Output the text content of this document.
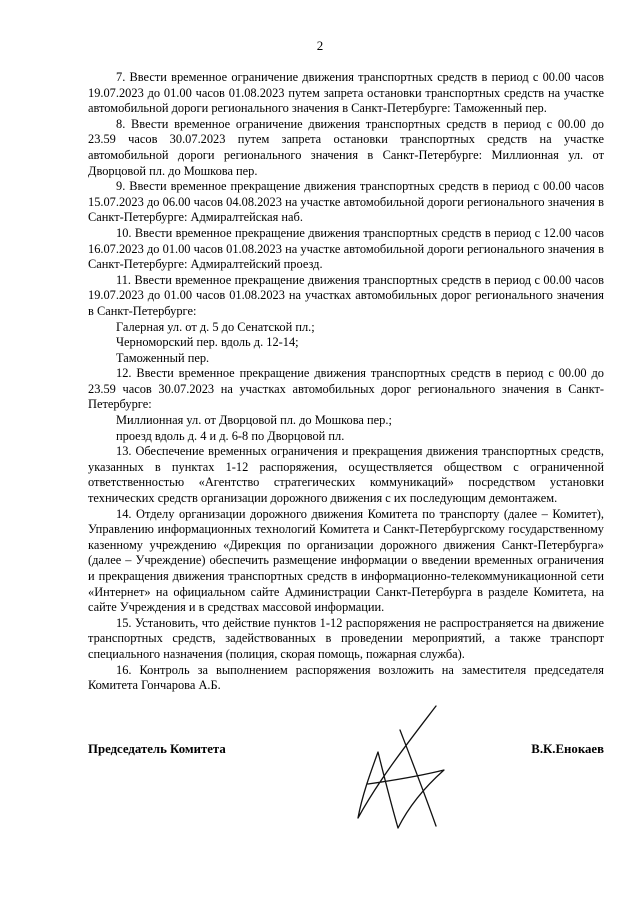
2

7. Ввести временное ограничение движения транспортных средств в период с 00.00 часов 19.07.2023 до 01.00 часов 01.08.2023 путем запрета остановки транспортных средств на участке автомобильной дороги регионального значения в Санкт-Петербурге: Таможенный пер.

8. Ввести временное ограничение движения транспортных средств в период с 00.00 до 23.59 часов 30.07.2023 путем запрета остановки транспортных средств на участке автомобильной дороги регионального значения в Санкт-Петербурге: Миллионная ул. от Дворцовой пл. до Мошкова пер.

9. Ввести временное прекращение движения транспортных средств в период с 00.00 часов 15.07.2023 до 06.00 часов 04.08.2023 на участке автомобильной дороги регионального значения в Санкт-Петербурге: Адмиралтейская наб.

10. Ввести временное прекращение движения транспортных средств в период с 12.00 часов 16.07.2023 до 01.00 часов 01.08.2023 на участке автомобильной дороги регионального значения в Санкт-Петербурге: Адмиралтейский проезд.

11. Ввести временное прекращение движения транспортных средств в период с 00.00 часов 19.07.2023 до 01.00 часов 01.08.2023 на участках автомобильных дорог регионального значения в Санкт-Петербурге:

Галерная ул. от д. 5 до Сенатской пл.;

Черноморский пер. вдоль д. 12-14;

Таможенный пер.

12. Ввести временное прекращение движения транспортных средств в период с 00.00 до 23.59 часов 30.07.2023 на участках автомобильных дорог регионального значения в Санкт-Петербурге:

Миллионная ул. от Дворцовой пл. до Мошкова пер.;

проезд вдоль д. 4 и д. 6-8 по Дворцовой пл.

13. Обеспечение временных ограничения и прекращения движения транспортных средств, указанных в пунктах 1-12 распоряжения, осуществляется обществом с ограниченной ответственностью «Агентство стратегических коммуникаций» посредством установки технических средств организации дорожного движения с их последующим демонтажем.

14. Отделу организации дорожного движения Комитета по транспорту (далее – Комитет), Управлению информационных технологий Комитета и Санкт-Петербургскому государственному казенному учреждению «Дирекция по организации дорожного движения Санкт-Петербурга» (далее – Учреждение) обеспечить размещение информации о введении временных ограничения и прекращения движения транспортных средств в информационно-телекоммуникационной сети «Интернет» на официальном сайте Администрации Санкт-Петербурга в разделе Комитета, на сайте Учреждения и в средствах массовой информации.

15. Установить, что действие пунктов 1-12 распоряжения не распространяется на движение транспортных средств, задействованных в проведении мероприятий, а также транспорт специального назначения (полиция, скорая помощь, пожарная служба).

16. Контроль за выполнением распоряжения возложить на заместителя председателя Комитета Гончарова А.Б.

Председатель Комитета	В.К.Енокаев
